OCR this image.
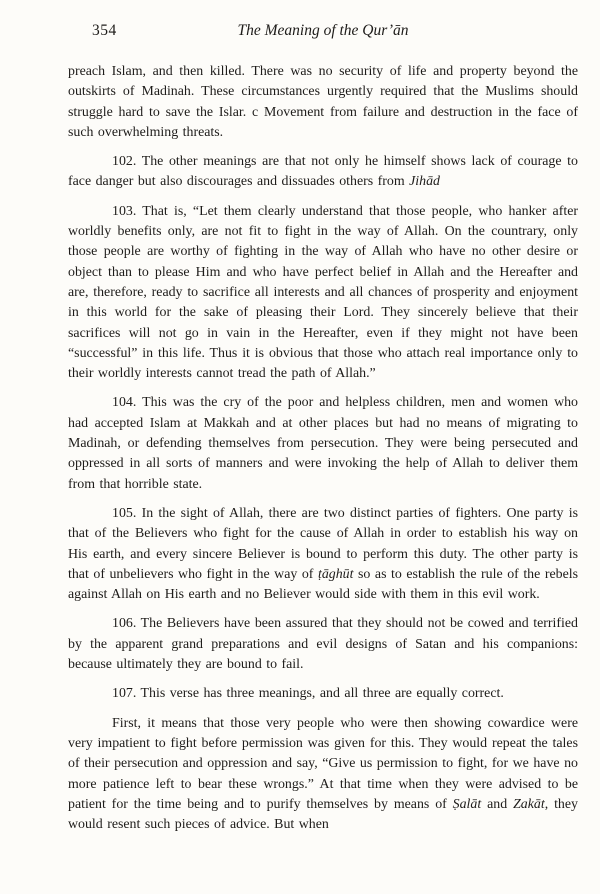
354	The Meaning of the Qur’ān

preach Islam, and then killed. There was no security of life and property beyond the outskirts of Madinah. These circumstances urgently required that the Muslims should struggle hard to save the Islar. c Movement from failure and destruction in the face of such overwhelming threats.

102. The other meanings are that not only he himself shows lack of courage to face danger but also discourages and dissuades others from Jihād

103. That is, “Let them clearly understand that those people, who hanker after worldly benefits only, are not fit to fight in the way of Allah. On the countrary, only those people are worthy of fighting in the way of Allah who have no other desire or object than to please Him and who have perfect belief in Allah and the Hereafter and are, therefore, ready to sacrifice all interests and all chances of prosperity and enjoyment in this world for the sake of pleasing their Lord. They sincerely believe that their sacrifices will not go in vain in the Hereafter, even if they might not have been “successful” in this life. Thus it is obvious that those who attach real importance only to their worldly interests cannot tread the path of Allah.”

104. This was the cry of the poor and helpless children, men and women who had accepted Islam at Makkah and at other places but had no means of migrating to Madinah, or defending themselves from persecution. They were being persecuted and oppressed in all sorts of manners and were invoking the help of Allah to deliver them from that horrible state.

105. In the sight of Allah, there are two distinct parties of fighters. One party is that of the Believers who fight for the cause of Allah in order to establish his way on His earth, and every sincere Believer is bound to perform this duty. The other party is that of unbelievers who fight in the way of ṭāghūt so as to establish the rule of the rebels against Allah on His earth and no Believer would side with them in this evil work.

106. The Believers have been assured that they should not be cowed and terrified by the apparent grand preparations and evil designs of Satan and his companions: because ultimately they are bound to fail.

107. This verse has three meanings, and all three are equally correct.

First, it means that those very people who were then showing cowardice were very impatient to fight before permission was given for this. They would repeat the tales of their persecution and oppression and say, “Give us permission to fight, for we have no more patience left to bear these wrongs.” At that time when they were advised to be patient for the time being and to purify themselves by means of Ṣalāt and Zakāt, they would resent such pieces of advice. But when
